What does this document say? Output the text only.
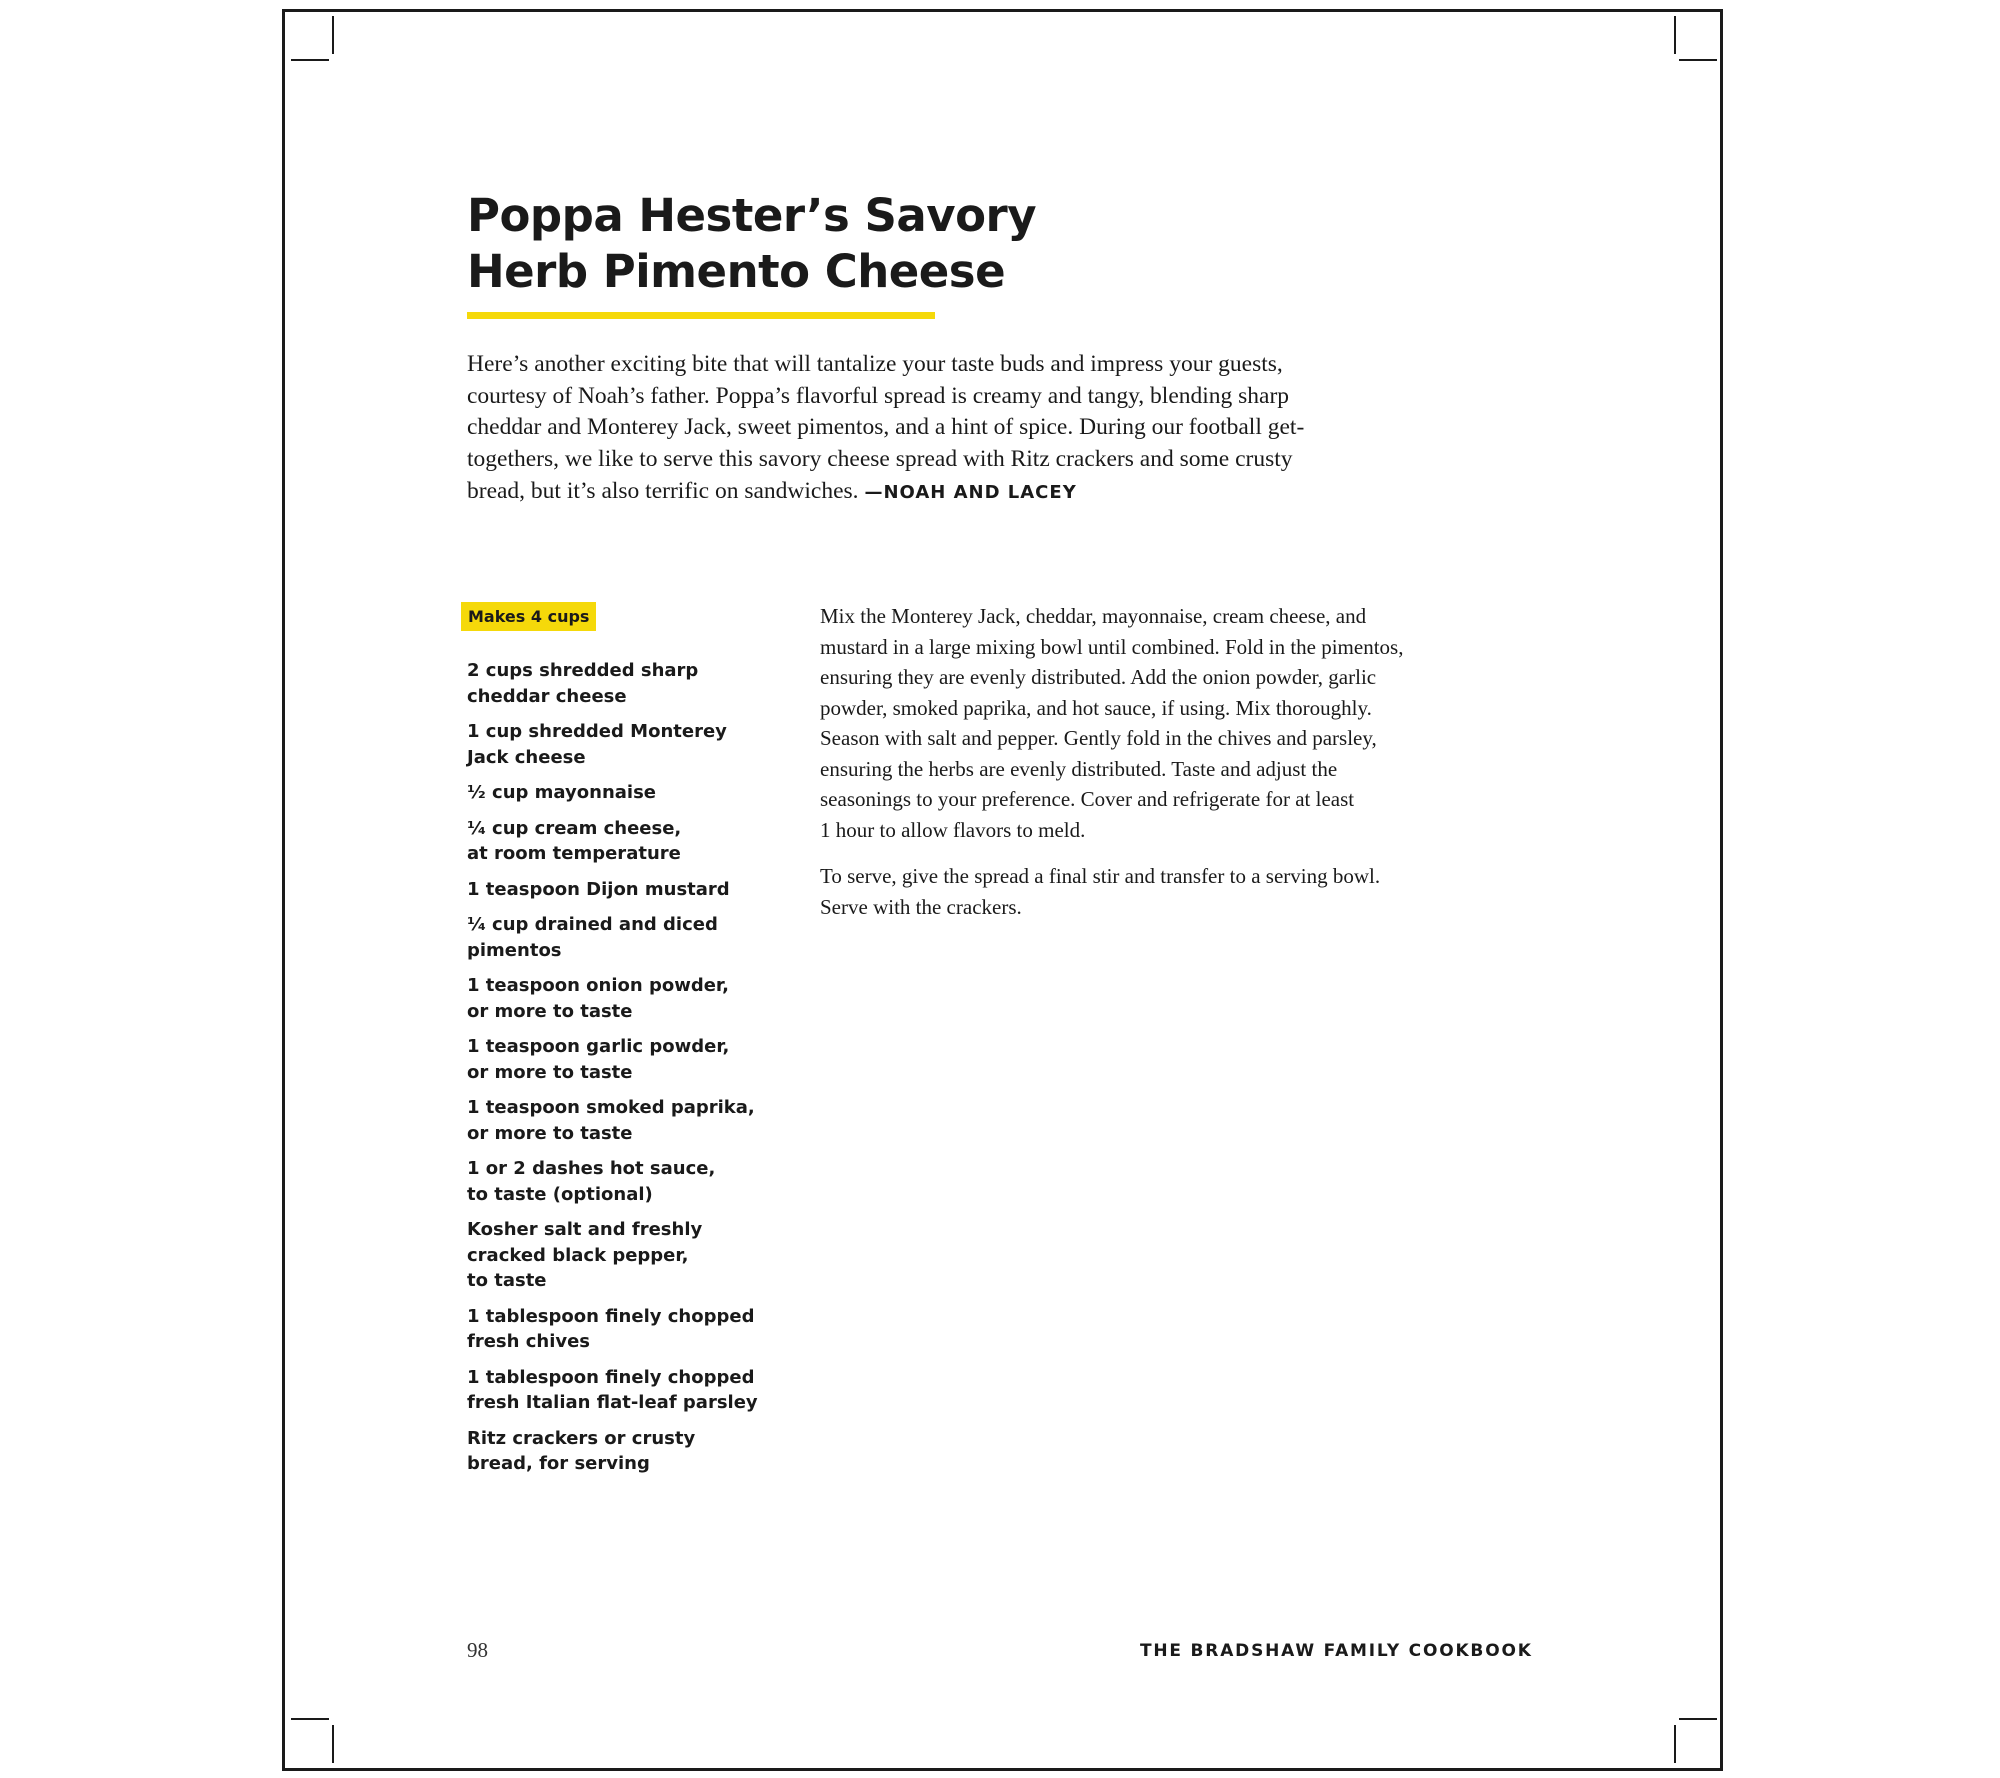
Poppa Hester’s Savory
Herb Pimento Cheese

Here’s another exciting bite that will tantalize your taste buds and impress your guests, courtesy of Noah’s father. Poppa’s flavorful spread is creamy and tangy, blending sharp cheddar and Monterey Jack, sweet pimentos, and a hint of spice. During our football get-togethers, we like to serve this savory cheese spread with Ritz crackers and some crusty bread, but it’s also terrific on sandwiches. —NOAH AND LACEY

Makes 4 cups
2 cups shredded sharp
cheddar cheese
1 cup shredded Monterey
Jack cheese
¹⁄₂ cup mayonnaise
¹⁄₄ cup cream cheese,
at room temperature
1 teaspoon Dijon mustard
¹⁄₄ cup drained and diced
pimentos
1 teaspoon onion powder,
or more to taste
1 teaspoon garlic powder,
or more to taste
1 teaspoon smoked paprika,
or more to taste
1 or 2 dashes hot sauce,
to taste (optional)
Kosher salt and freshly
cracked black pepper,
to taste
1 tablespoon finely chopped
fresh chives
1 tablespoon finely chopped
fresh Italian flat-leaf parsley
Ritz crackers or crusty
bread, for serving

Mix the Monterey Jack, cheddar, mayonnaise, cream cheese, and
mustard in a large mixing bowl until combined. Fold in the pimentos,
ensuring they are evenly distributed. Add the onion powder, garlic
powder, smoked paprika, and hot sauce, if using. Mix thoroughly.
Season with salt and pepper. Gently fold in the chives and parsley,
ensuring the herbs are evenly distributed. Taste and adjust the
seasonings to your preference. Cover and refrigerate for at least
1 hour to allow flavors to meld.

To serve, give the spread a final stir and transfer to a serving bowl.
Serve with the crackers.

98	THE BRADSHAW FAMILY COOKBOOK
